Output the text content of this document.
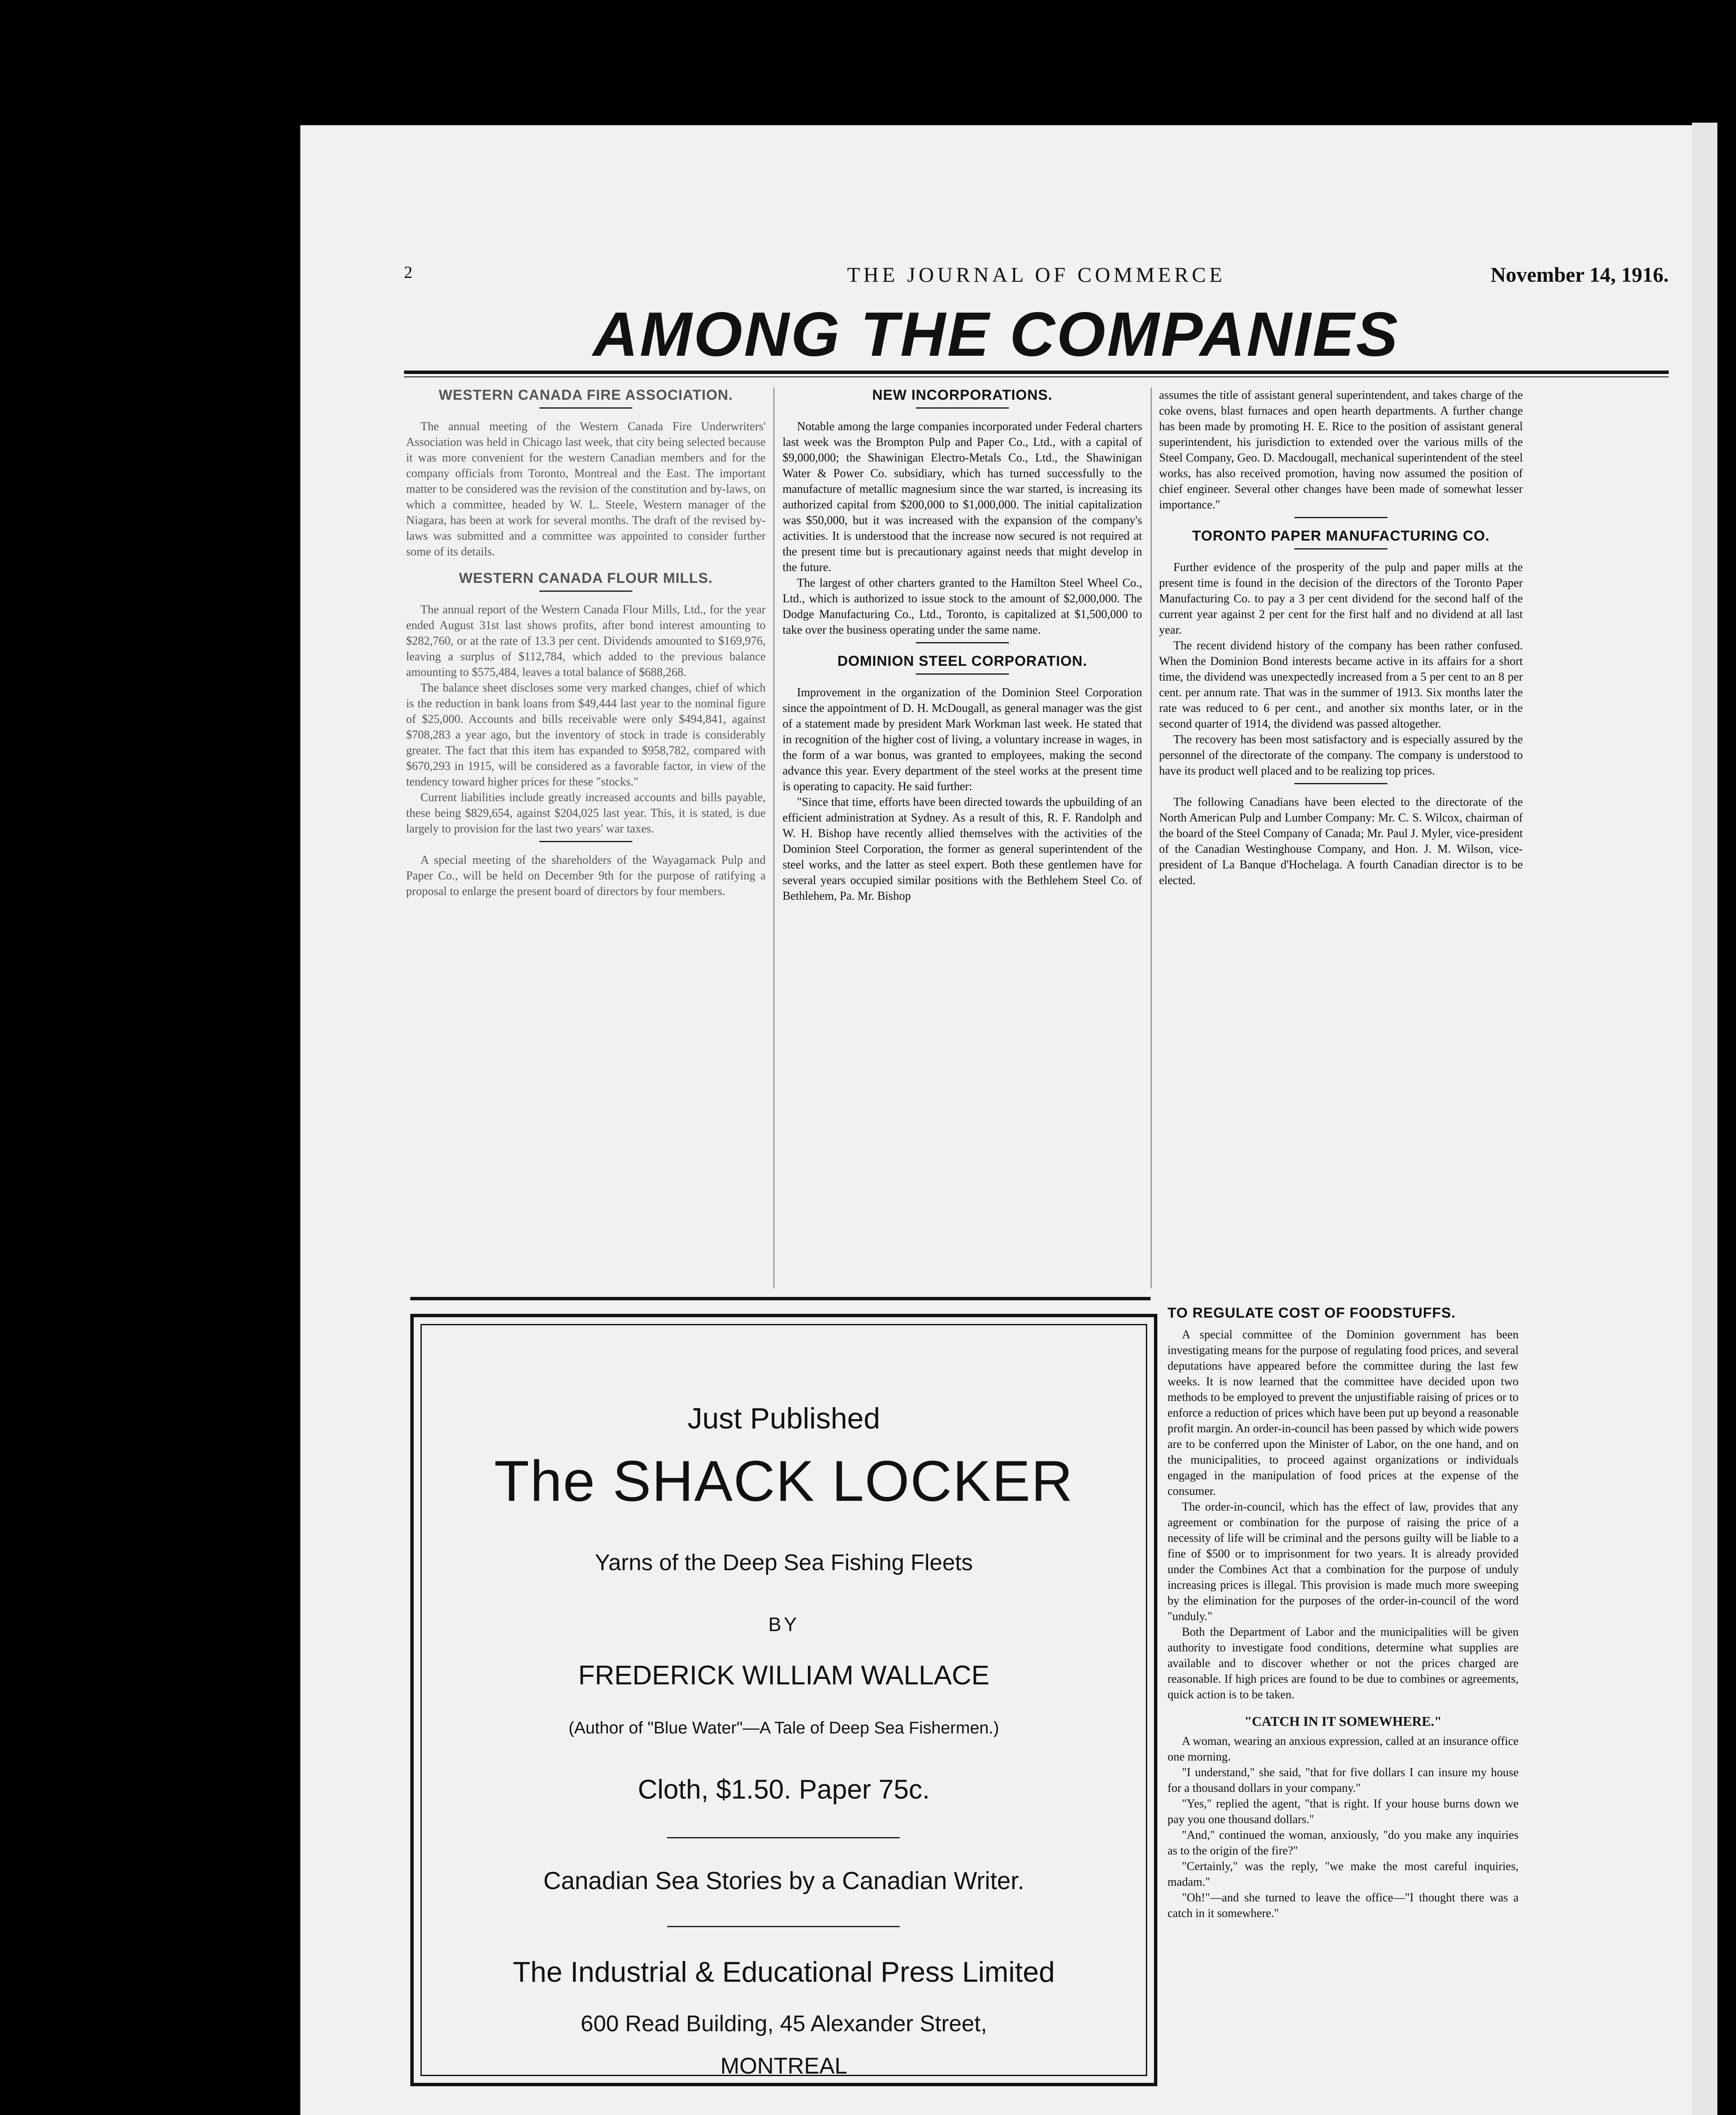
2	THE JOURNAL OF COMMERCE	November 14, 1916.
AMONG THE COMPANIES
WESTERN CANADA FIRE ASSOCIATION.

The annual meeting of the Western Canada Fire Underwriters' Association was held in Chicago last week, that city being selected because it was more convenient for the western Canadian members and for the company officials from Toronto, Montreal and the East. The important matter to be considered was the revision of the constitution and by-laws, on which a committee, headed by W. L. Steele, Western manager of the Niagara, has been at work for several months. The draft of the revised by-laws was submitted and a committee was appointed to consider further some of its details.

WESTERN CANADA FLOUR MILLS.

The annual report of the Western Canada Flour Mills, Ltd., for the year ended August 31st last shows profits, after bond interest amounting to $282,760, or at the rate of 13.3 per cent. Dividends amounted to $169,976, leaving a surplus of $112,784, which added to the previous balance amounting to $575,484, leaves a total balance of $688,268.

The balance sheet discloses some very marked changes, chief of which is the reduction in bank loans from $49,444 last year to the nominal figure of $25,000. Accounts and bills receivable were only $494,841, against $708,283 a year ago, but the inventory of stock in trade is considerably greater. The fact that this item has expanded to $958,782, compared with $670,293 in 1915, will be considered as a favorable factor, in view of the tendency toward higher prices for these "stocks."

Current liabilities include greatly increased accounts and bills payable, these being $829,654, against $204,025 last year. This, it is stated, is due largely to provision for the last two years' war taxes.

A special meeting of the shareholders of the Wayagamack Pulp and Paper Co., will be held on December 9th for the purpose of ratifying a proposal to enlarge the present board of directors by four members.

NEW INCORPORATIONS.

Notable among the large companies incorporated under Federal charters last week was the Brompton Pulp and Paper Co., Ltd., with a capital of $9,000,000; the Shawinigan Electro-Metals Co., Ltd., the Shawinigan Water & Power Co. subsidiary, which has turned successfully to the manufacture of metallic magnesium since the war started, is increasing its authorized capital from $200,000 to $1,000,000. The initial capitalization was $50,000, but it was increased with the expansion of the company's activities. It is understood that the increase now secured is not required at the present time but is precautionary against needs that might develop in the future.

The largest of other charters granted to the Hamilton Steel Wheel Co., Ltd., which is authorized to issue stock to the amount of $2,000,000. The Dodge Manufacturing Co., Ltd., Toronto, is capitalized at $1,500,000 to take over the business operating under the same name.

DOMINION STEEL CORPORATION.

Improvement in the organization of the Dominion Steel Corporation since the appointment of D. H. McDougall, as general manager was the gist of a statement made by president Mark Workman last week. He stated that in recognition of the higher cost of living, a voluntary increase in wages, in the form of a war bonus, was granted to employees, making the second advance this year. Every department of the steel works at the present time is operating to capacity. He said further:

"Since that time, efforts have been directed towards the upbuilding of an efficient administration at Sydney. As a result of this, R. F. Randolph and W. H. Bishop have recently allied themselves with the activities of the Dominion Steel Corporation, the former as general superintendent of the steel works, and the latter as steel expert. Both these gentlemen have for several years occupied similar positions with the Bethlehem Steel Co. of Bethlehem, Pa. Mr. Bishop

assumes the title of assistant general superintendent, and takes charge of the coke ovens, blast furnaces and open hearth departments. A further change has been made by promoting H. E. Rice to the position of assistant general superintendent, his jurisdiction to extended over the various mills of the Steel Company, Geo. D. Macdougall, mechanical superintendent of the steel works, has also received promotion, having now assumed the position of chief engineer. Several other changes have been made of somewhat lesser importance."

TORONTO PAPER MANUFACTURING CO.

Further evidence of the prosperity of the pulp and paper mills at the present time is found in the decision of the directors of the Toronto Paper Manufacturing Co. to pay a 3 per cent dividend for the second half of the current year against 2 per cent for the first half and no dividend at all last year.

The recent dividend history of the company has been rather confused. When the Dominion Bond interests became active in its affairs for a short time, the dividend was unexpectedly increased from a 5 per cent to an 8 per cent. per annum rate. That was in the summer of 1913. Six months later the rate was reduced to 6 per cent., and another six months later, or in the second quarter of 1914, the dividend was passed altogether.

The recovery has been most satisfactory and is especially assured by the personnel of the directorate of the company. The company is understood to have its product well placed and to be realizing top prices.

The following Canadians have been elected to the directorate of the North American Pulp and Lumber Company: Mr. C. S. Wilcox, chairman of the board of the Steel Company of Canada; Mr. Paul J. Myler, vice-president of the Canadian Westinghouse Company, and Hon. J. M. Wilson, vice-president of La Banque d'Hochelaga. A fourth Canadian director is to be elected.

Just Published
The SHACK LOCKER
Yarns of the Deep Sea Fishing Fleets
BY
FREDERICK WILLIAM WALLACE
(Author of "Blue Water"—A Tale of Deep Sea Fishermen.)
Cloth, $1.50. Paper 75c.
Canadian Sea Stories by a Canadian Writer.
The Industrial & Educational Press Limited
600 Read Building, 45 Alexander Street,
MONTREAL
TO REGULATE COST OF FOODSTUFFS.

A special committee of the Dominion government has been investigating means for the purpose of regulating food prices, and several deputations have appeared before the committee during the last few weeks. It is now learned that the committee have decided upon two methods to be employed to prevent the unjustifiable raising of prices or to enforce a reduction of prices which have been put up beyond a reasonable profit margin. An order-in-council has been passed by which wide powers are to be conferred upon the Minister of Labor, on the one hand, and on the municipalities, to proceed against organizations or individuals engaged in the manipulation of food prices at the expense of the consumer.

The order-in-council, which has the effect of law, provides that any agreement or combination for the purpose of raising the price of a necessity of life will be criminal and the persons guilty will be liable to a fine of $500 or to imprisonment for two years. It is already provided under the Combines Act that a combination for the purpose of unduly increasing prices is illegal. This provision is made much more sweeping by the elimination for the purposes of the order-in-council of the word "unduly."

Both the Department of Labor and the municipalities will be given authority to investigate food conditions, determine what supplies are available and to discover whether or not the prices charged are reasonable. If high prices are found to be due to combines or agreements, quick action is to be taken.

"CATCH IN IT SOMEWHERE."

A woman, wearing an anxious expression, called at an insurance office one morning.

"I understand," she said, "that for five dollars I can insure my house for a thousand dollars in your company."

"Yes," replied the agent, "that is right. If your house burns down we pay you one thousand dollars."

"And," continued the woman, anxiously, "do you make any inquiries as to the origin of the fire?"

"Certainly," was the reply, "we make the most careful inquiries, madam."

"Oh!"—and she turned to leave the office—"I thought there was a catch in it somewhere."
